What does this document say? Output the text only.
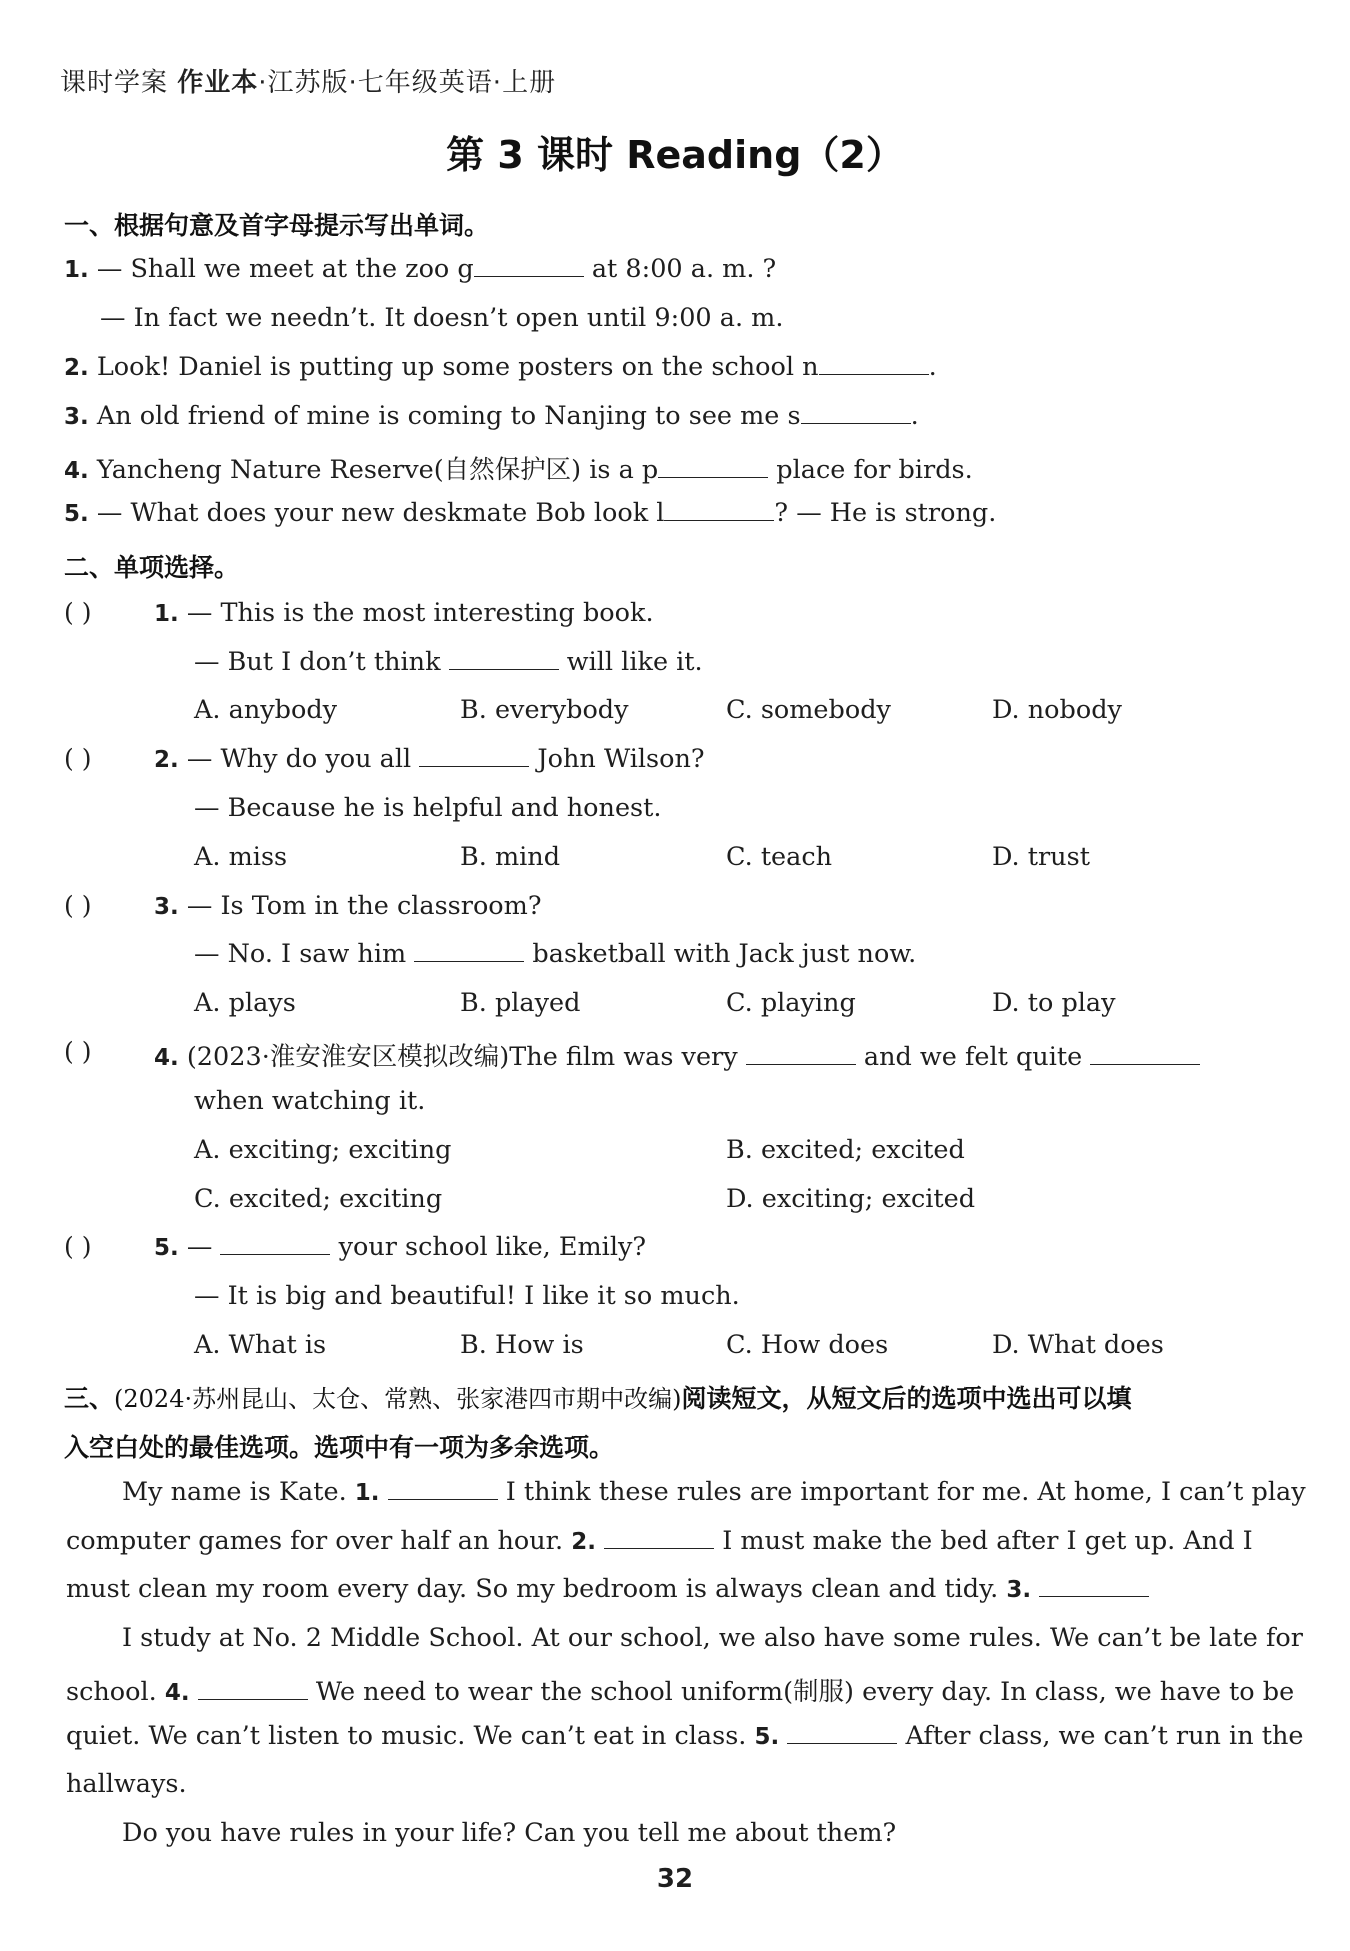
课时学案 作业本·江苏版·七年级英语·上册
第 3 课时 Reading（2）
一、根据句意及首字母提示写出单词。
1. — Shall we meet at the zoo g	at 8:00 a. m. ?
— In fact we needn’t. It doesn’t open until 9:00 a. m.
2. Look! Daniel is putting up some posters on the school n	.
3. An old friend of mine is coming to Nanjing to see me s	.
4. Yancheng Nature Reserve(自然保护区) is a p	place for birds.
5. — What does your new deskmate Bob look l	? — He is strong.
二、单项选择。
( )	1. — This is the most interesting book.
— But I don’t think	will like it.
A. anybody	B. everybody	C. somebody	D. nobody
( )	2. — Why do you all	John Wilson?
— Because he is helpful and honest.
A. miss	B. mind	C. teach	D. trust
( )	3. — Is Tom in the classroom?
— No. I saw him	basketball with Jack just now.
A. plays	B. played	C. playing	D. to play
( )	4. (2023·淮安淮安区模拟改编)The film was very	and we felt quite
when watching it.
A. exciting; exciting	B. excited; excited
C. excited; exciting	D. exciting; excited
( )	5. —	your school like, Emily?
— It is big and beautiful! I like it so much.
A. What is	B. How is	C. How does	D. What does
三、(2024·苏州昆山、太仓、常熟、张家港四市期中改编)阅读短文，从短文后的选项中选出可以填
入空白处的最佳选项。选项中有一项为多余选项。
My name is Kate. 1.	I think these rules are important for me. At home, I can’t play
computer games for over half an hour. 2.	I must make the bed after I get up. And I
must clean my room every day. So my bedroom is always clean and tidy. 3.
I study at No. 2 Middle School. At our school, we also have some rules. We can’t be late for
school. 4.	We need to wear the school uniform(制服) every day. In class, we have to be
quiet. We can’t listen to music. We can’t eat in class. 5.	After class, we can’t run in the
hallways.
Do you have rules in your life? Can you tell me about them?
32
